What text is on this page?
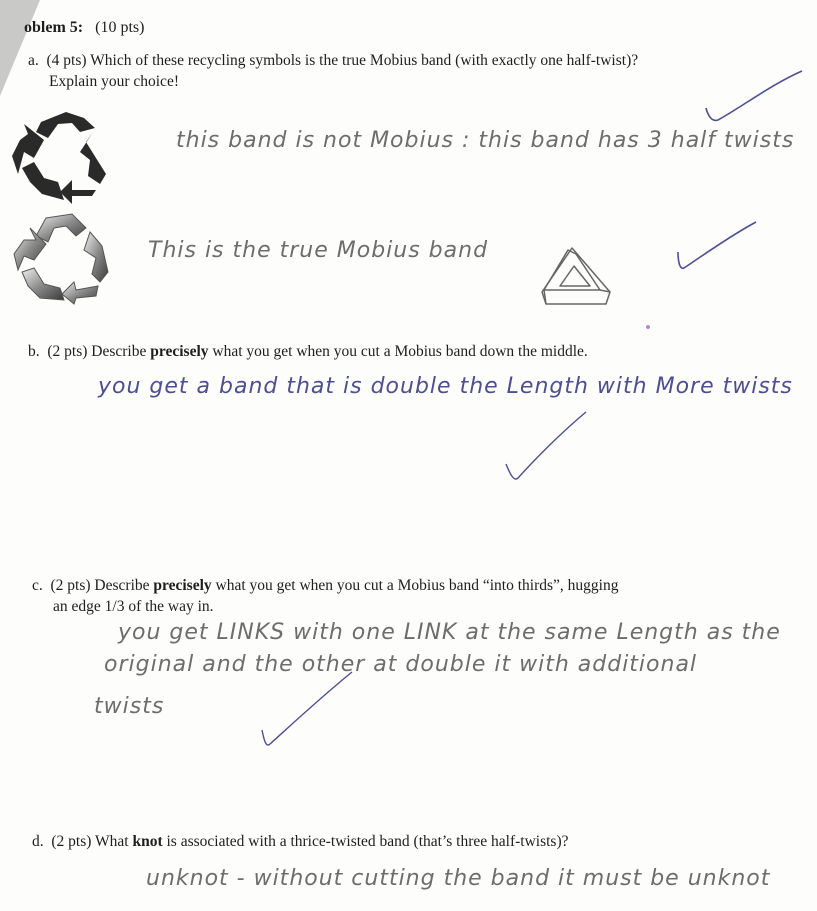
oblem 5: (10 pts)
a. (4 pts) Which of these recycling symbols is the true Mobius band (with exactly one half-twist)?
Explain your choice!
this band is not Mobius : this band has 3 half twists
This is the true Mobius band
b. (2 pts) Describe precisely what you get when you cut a Mobius band down the middle.
you get a band that is double the Length with More twists
c. (2 pts) Describe precisely what you get when you cut a Mobius band “into thirds”, hugging
an edge 1/3 of the way in.
you get LINKS with one LINK at the same Length as the
original and the other at double it with additional
twists
d. (2 pts) What knot is associated with a thrice-twisted band (that’s three half-twists)?
unknot - without cutting the band it must be unknot
